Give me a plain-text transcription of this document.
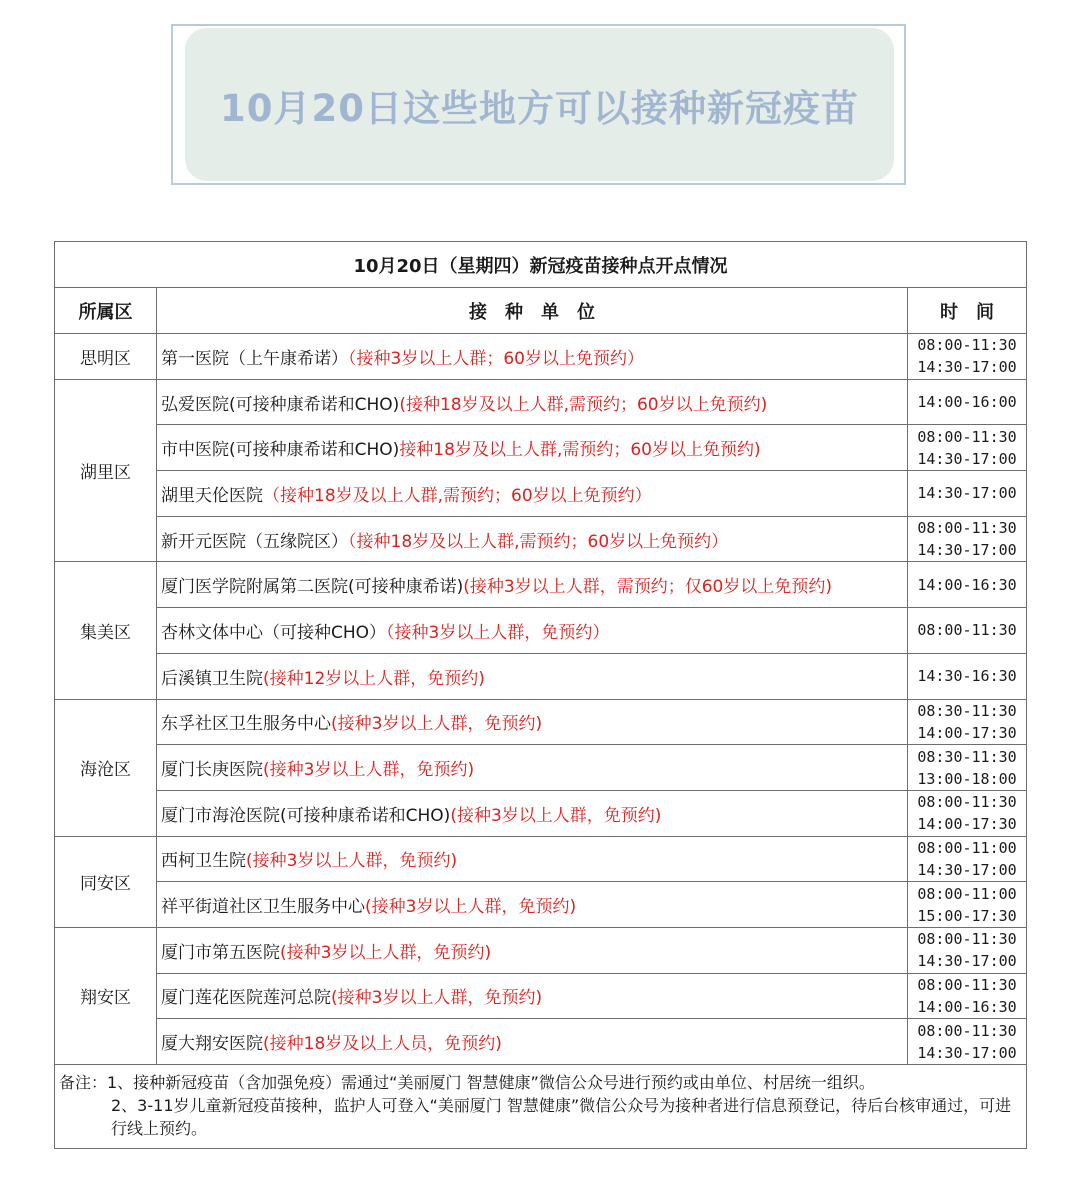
10月20日这些地方可以接种新冠疫苗
10月20日（星期四）新冠疫苗接种点开点情况		
所属区	接　种　单　位	时　间
思明区	第一医院（上午康希诺）（接种3岁以上人群；60岁以上免预约）	08:00-11:30
14:30-17:00

湖里区	弘爱医院(可接种康希诺和CHO)(接种18岁及以上人群,需预约；60岁以上免预约)	14:00-16:00

	市中医院(可接种康希诺和CHO)接种18岁及以上人群,需预约；60岁以上免预约)	08:00-11:30
14:30-17:00

	湖里天伦医院（接种18岁及以上人群,需预约；60岁以上免预约）	14:30-17:00

	新开元医院（五缘院区）（接种18岁及以上人群,需预约；60岁以上免预约）	08:00-11:30
14:30-17:00

集美区	厦门医学院附属第二医院(可接种康希诺)(接种3岁以上人群，需预约；仅60岁以上免预约)	14:00-16:30

	杏林文体中心（可接种CHO）（接种3岁以上人群，免预约）	08:00-11:30

	后溪镇卫生院(接种12岁以上人群，免预约)	14:30-16:30

海沧区	东孚社区卫生服务中心(接种3岁以上人群，免预约)	08:30-11:30
14:00-17:30

	厦门长庚医院(接种3岁以上人群，免预约)	08:30-11:30
13:00-18:00

	厦门市海沧医院(可接种康希诺和CHO)(接种3岁以上人群，免预约)	08:00-11:30
14:00-17:30

同安区	西柯卫生院(接种3岁以上人群，免预约)	08:00-11:00
14:30-17:00

	祥平街道社区卫生服务中心(接种3岁以上人群，免预约)	08:00-11:00
15:00-17:30

翔安区	厦门市第五医院(接种3岁以上人群，免预约)	08:00-11:30
14:30-17:00

	厦门莲花医院莲河总院(接种3岁以上人群，免预约)	08:00-11:30
14:00-16:30

	厦大翔安医院(接种18岁及以上人员，免预约)	08:00-11:30
14:30-17:00

备注：1、接种新冠疫苗（含加强免疫）需通过“美丽厦门 智慧健康”微信公众号进行预约或由单位、村居统一组织。
2、3-11岁儿童新冠疫苗接种，监护人可登入“美丽厦门 智慧健康”微信公众号为接种者进行信息预登记，待后台核审通过，可进行线上预约。		
